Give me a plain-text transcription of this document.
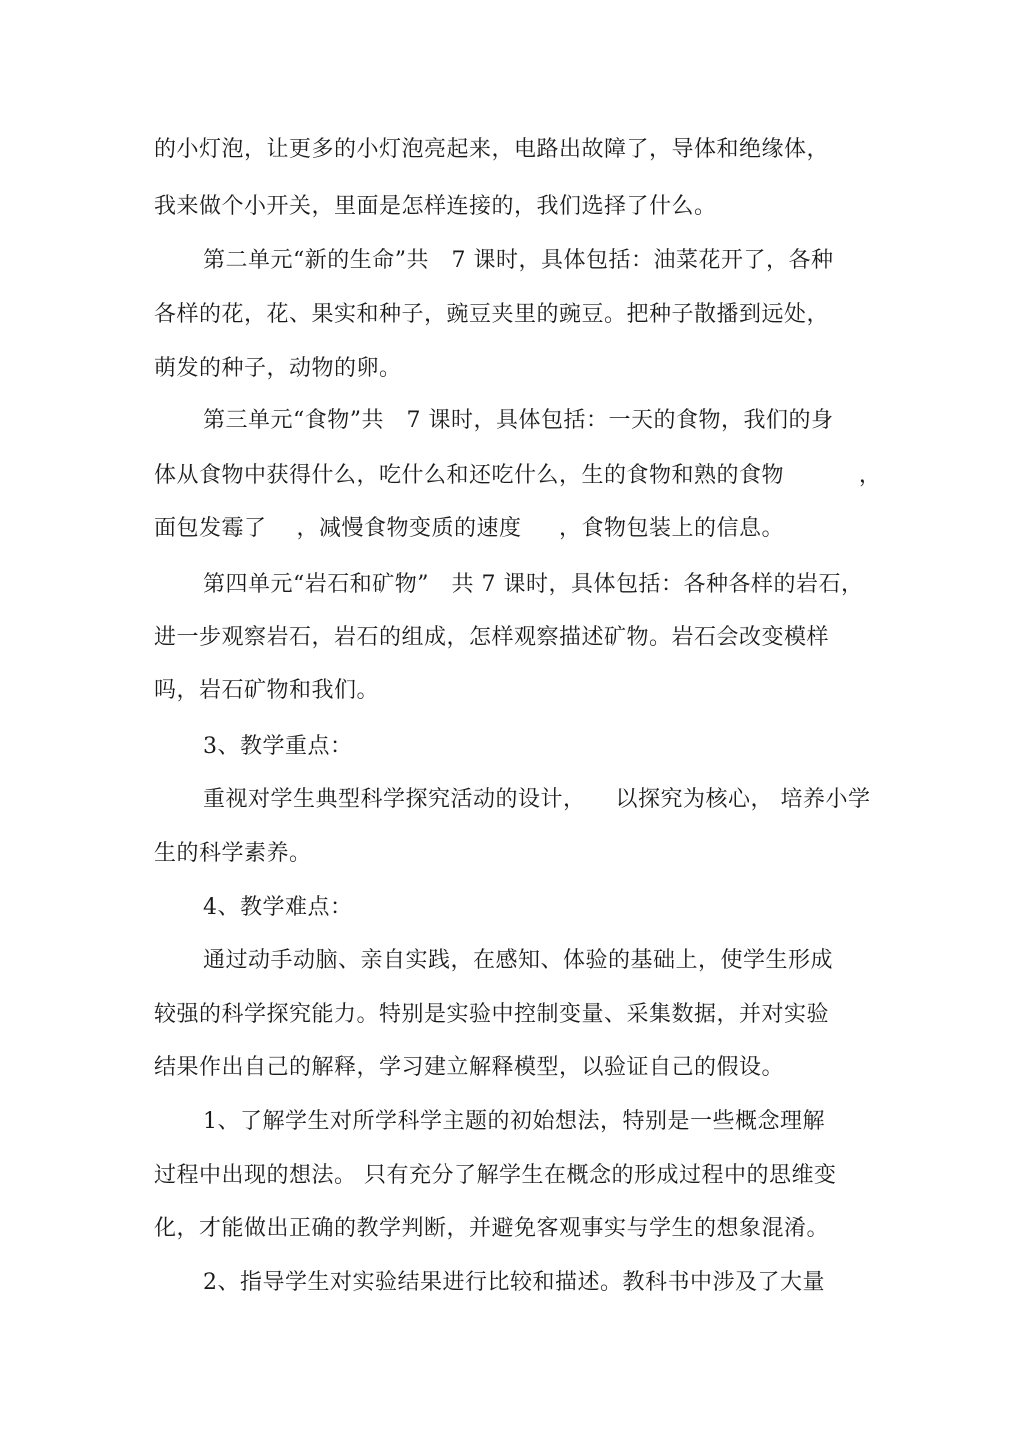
的小灯泡，让更多的小灯泡亮起来，电路出故障了，导体和绝缘体，
我来做个小开关，里面是怎样连接的，我们选择了什么。
第二单元“新的生命”共   7 课时，具体包括：油菜花开了，各种
各样的花，花、果实和种子，豌豆夹里的豌豆。把种子散播到远处，
萌发的种子，动物的卵。
第三单元“食物”共   7 课时，具体包括：一天的食物，我们的身
体从食物中获得什么，吃什么和还吃什么，生的食物和熟的食物          ，
面包发霉了    ，减慢食物变质的速度     ，食物包装上的信息。
第四单元“岩石和矿物”   共 7 课时，具体包括：各种各样的岩石，
进一步观察岩石，岩石的组成，怎样观察描述矿物。岩石会改变模样
吗，岩石矿物和我们。
3、教学重点：
重视对学生典型科学探究活动的设计，    以探究为核心， 培养小学
生的科学素养。
4、教学难点：
通过动手动脑、亲自实践，在感知、体验的基础上，使学生形成
较强的科学探究能力。特别是实验中控制变量、采集数据，并对实验
结果作出自己的解释，学习建立解释模型，以验证自己的假设。
1、了解学生对所学科学主题的初始想法，特别是一些概念理解
过程中出现的想法。 只有充分了解学生在概念的形成过程中的思维变
化，才能做出正确的教学判断，并避免客观事实与学生的想象混淆。
2、指导学生对实验结果进行比较和描述。教科书中涉及了大量
